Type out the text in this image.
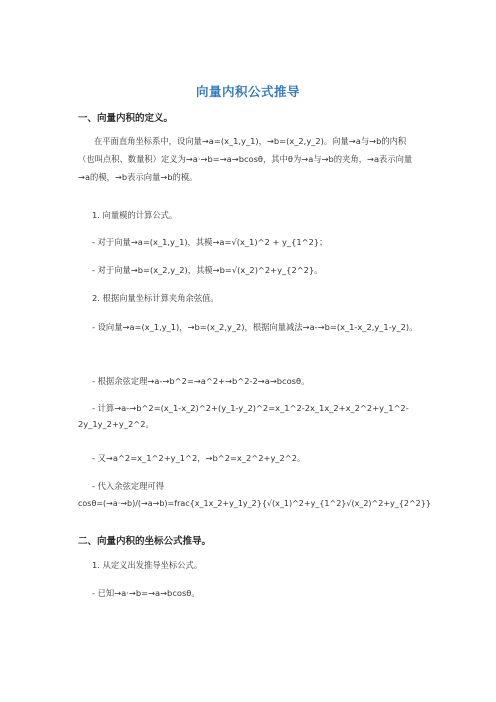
向量内积公式推导
一、向量内积的定义。
在平面直角坐标系中，设向量→a=(x_1,y_1)，→b=(x_2,y_2)。向量→a与→b的内积（也叫点积、数量积）定义为→a·→b=→a→bcosθ，其中θ为→a与→b的夹角，→a表示向量→a的模，→b表示向量→b的模。
1. 向量模的计算公式。
- 对于向量→a=(x_1,y_1)，其模→a=√(x_1)^2 + y_{1^2}；
- 对于向量→b=(x_2,y_2)，其模→b=√(x_2)^2+y_{2^2}。
2. 根据向量坐标计算夹角余弦值。
- 设向量→a=(x_1,y_1)，→b=(x_2,y_2)，根据向量减法→a-→b=(x_1-x_2,y_1-y_2)。
- 根据余弦定理→a-→b^2=→a^2+→b^2-2→a→bcosθ。
- 计算→a-→b^2=(x_1-x_2)^2+(y_1-y_2)^2=x_1^2-2x_1x_2+x_2^2+y_1^2-2y_1y_2+y_2^2。
- 又→a^2=x_1^2+y_1^2，→b^2=x_2^2+y_2^2。
- 代入余弦定理可得
cosθ=(→a·→b)/(→a→b)=frac{x_1x_2+y_1y_2}{√(x_1)^2+y_{1^2}√(x_2)^2+y_{2^2}}
二、向量内积的坐标公式推导。
1. 从定义出发推导坐标公式。
- 已知→a·→b=→a→bcosθ。
